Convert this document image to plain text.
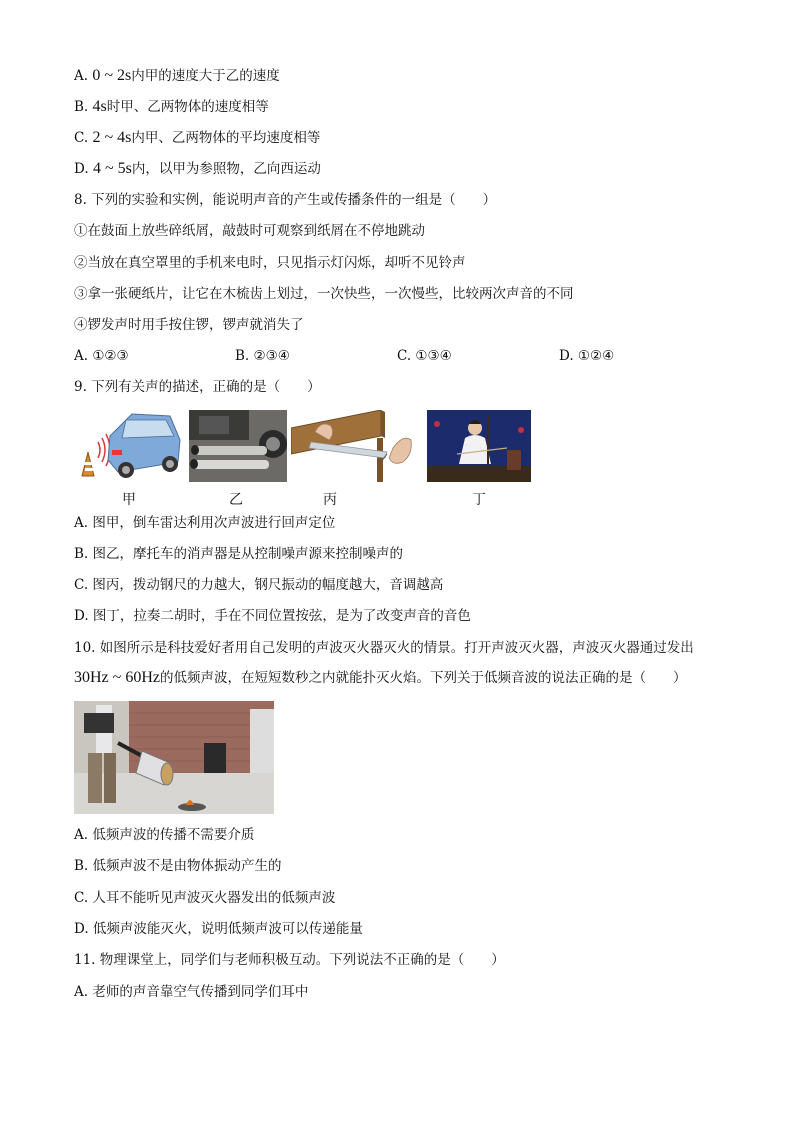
A. 0 ~ 2s内甲的速度大于乙的速度
B. 4s时甲、乙两物体的速度相等
C. 2 ~ 4s内甲、乙两物体的平均速度相等
D. 4 ~ 5s内，以甲为参照物，乙向西运动
8. 下列的实验和实例，能说明声音的产生或传播条件的一组是（　　）
①在鼓面上放些碎纸屑，敲鼓时可观察到纸屑在不停地跳动
②当放在真空罩里的手机来电时，只见指示灯闪烁，却听不见铃声
③拿一张硬纸片，让它在木梳齿上划过，一次快些，一次慢些，比较两次声音的不同
④锣发声时用手按住锣，锣声就消失了
A. ①②③	B. ②③④	C. ①③④	D. ①②④
9. 下列有关声的描述，正确的是（　　）
甲	乙	丙	丁
A. 图甲，倒车雷达利用次声波进行回声定位
B. 图乙，摩托车的消声器是从控制噪声源来控制噪声的
C. 图丙，拨动钢尺的力越大，钢尺振动的幅度越大，音调越高
D. 图丁，拉奏二胡时，手在不同位置按弦，是为了改变声音的音色
10. 如图所示是科技爱好者用自己发明的声波灭火器灭火的情景。打开声波灭火器，声波灭火器通过发出
30Hz ~ 60Hz的低频声波，在短短数秒之内就能扑灭火焰。下列关于低频音波的说法正确的是（　　）
A. 低频声波的传播不需要介质
B. 低频声波不是由物体振动产生的
C. 人耳不能听见声波灭火器发出的低频声波
D. 低频声波能灭火，说明低频声波可以传递能量
11. 物理课堂上，同学们与老师积极互动。下列说法不正确的是（　　）
A. 老师的声音靠空气传播到同学们耳中
